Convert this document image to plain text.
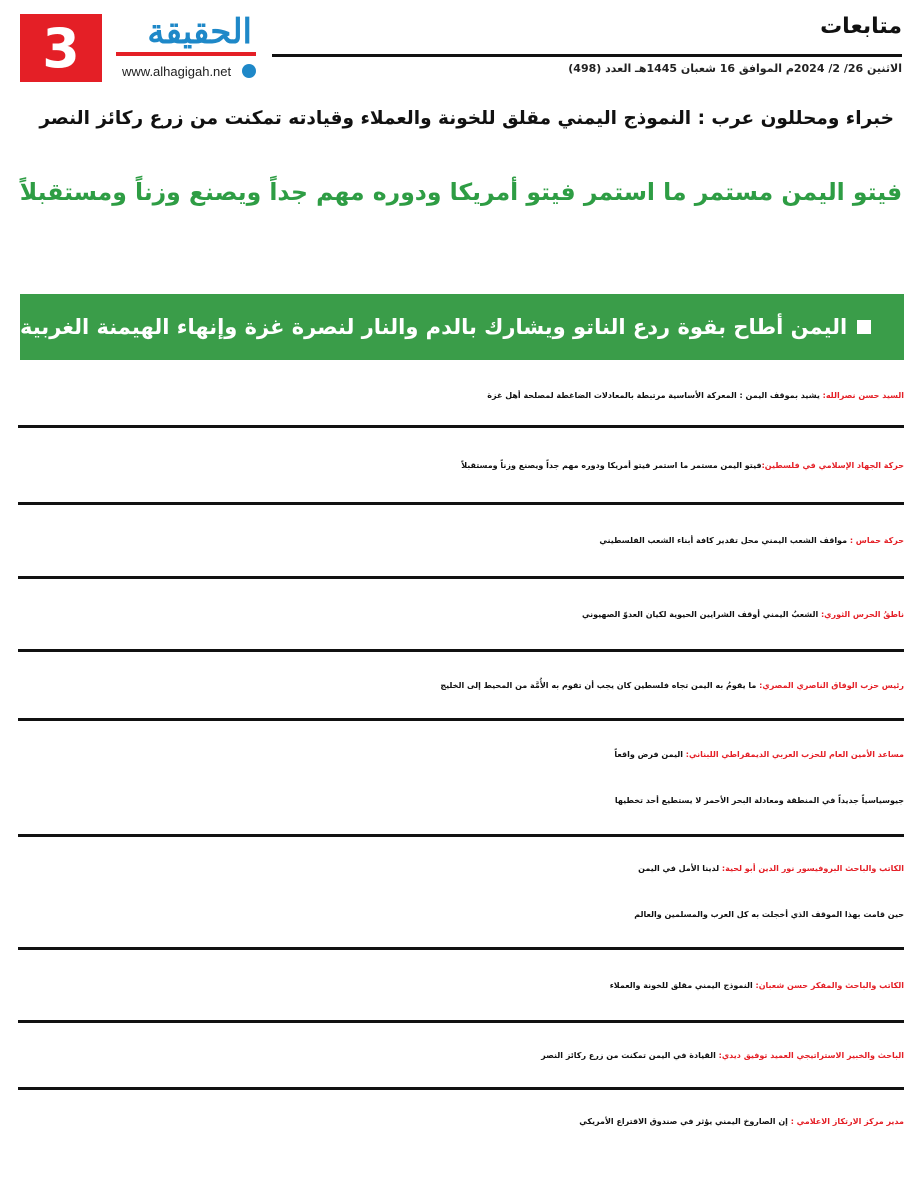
3	الحقيقة
www.alhagigah.net
متابعات
الاثنين 26/ 2/ 2024م الموافق 16 شعبان 1445هـ العدد (498)
خبراء ومحللون عرب : النموذج اليمني مقلق للخونة والعملاء وقيادته تمكنت من زرع ركائز النصر
فيتو اليمن مستمر ما استمر فيتو أمريكا ودوره مهم جداً ويصنع وزناً ومستقبلاً
اليمن أطاح بقوة ردع الناتو ويشارك بالدم والنار لنصرة غزة وإنهاء الهيمنة الغربية
السيد حسن نصرالله: يشيد بموقف اليمن : المعركة الأساسية مرتبطة بالمعادلات الضاغطة لمصلحة أهل غزة
حركة الجهاد الإسلامي في فلسطين:فيتو اليمن مستمر ما استمر فيتو أمريكا ودوره مهم جداً ويصنع وزناً ومستقبلاً
حركة حماس : مواقف الشعب اليمني محل تقدير كافة أبناء الشعب الفلسطيني
ناطقُ الحرس الثوري: الشعبُ اليمني أوقف الشرايين الحيوية لكيان العدوّ الصهيوني
رئيس حزب الوفاق الناصري المصري: ما يقومُ به اليمن تجاه فلسطين كان يجب أن تقوم به الأُمَّة من المحيط إلى الخليج
مساعد الأمين العام للحزب العربي الديمقراطي اللبناني: اليمن فرض واقعاً
جيوسياسياً جديداً في المنطقة ومعادلة البحر الأحمر لا يستطيع أحد تخطيها
الكاتب والباحث البروفيسور نور الدين أبو لحية: لدينا الأمل في اليمن
حين قامت بهذا الموقف الذي أخجلت به كل العرب والمسلمين والعالم
الكاتب والباحث والمفكر حسن شعبان: النموذج اليمني مقلق للخونة والعملاء
الباحث والخبير الاستراتيجي العميد توفيق ديدي: القيادة في اليمن تمكنت من زرع ركائز النصر
مدير مركز الارتكاز الاعلامي : إن الصاروخ اليمني يؤثر في صندوق الاقتراع الأمريكي
